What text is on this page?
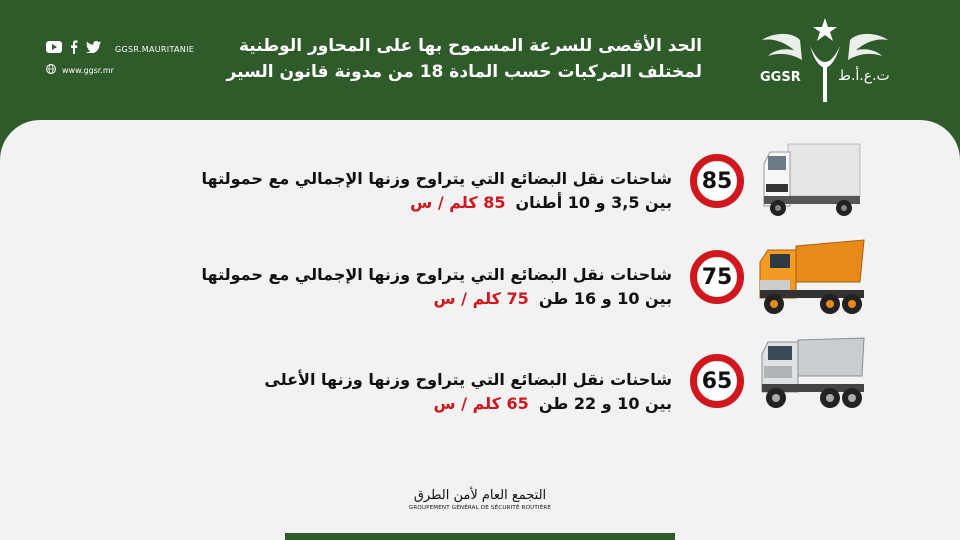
GGSR.MAURITANIE
www.ggsr.mr
الحد الأقصى للسرعة المسموح بها على المحاور الوطنية
لمختلف المركبات حسب المادة 18 من مدونة قانون السير	GGSR	ت.ع.أ.ط
85
شاحنات نقل البضائع التي يتراوح وزنها الإجمالي مع حمولتها
بين 3,5 و 10 أطنان85 كلم / س
75
شاحنات نقل البضائع التي يتراوح وزنها الإجمالي مع حمولتها
بين 10 و 16 طن75 كلم / س
65
شاحنات نقل البضائع التي يتراوح وزنها وزنها الأعلى
بين 10 و 22 طن65 كلم / س
التجمع العام لأمن الطرق
GROUPEMENT GÉNÉRAL DE SÉCURITÉ ROUTIÈRE
